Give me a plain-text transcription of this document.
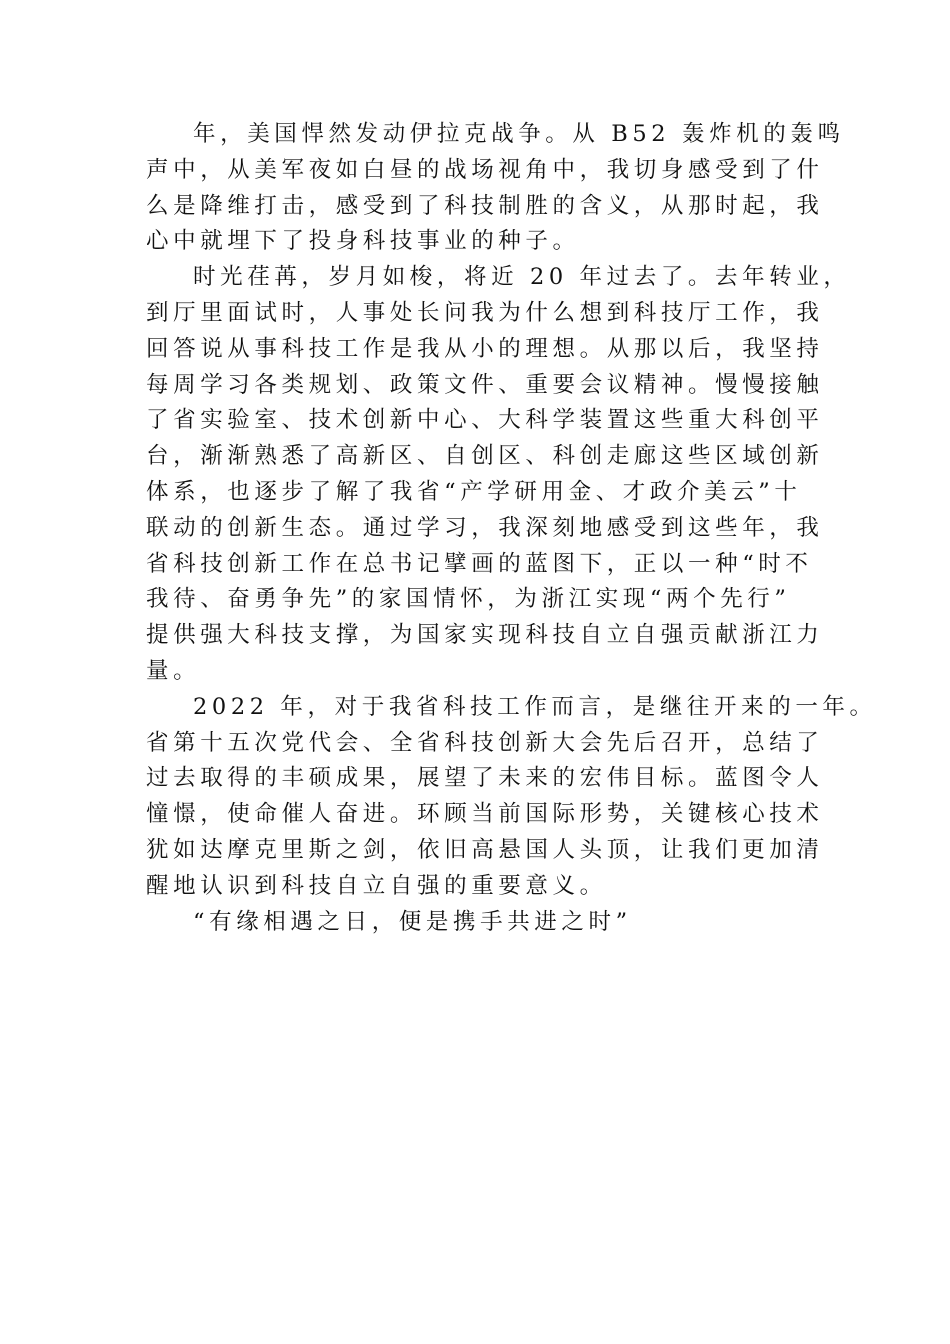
年，美国悍然发动伊拉克战争。从 B52 轰炸机的轰鸣
声中，从美军夜如白昼的战场视角中，我切身感受到了什
么是降维打击，感受到了科技制胜的含义，从那时起，我
心中就埋下了投身科技事业的种子。
时光荏苒，岁月如梭，将近 20 年过去了。去年转业，
到厅里面试时，人事处长问我为什么想到科技厅工作，我
回答说从事科技工作是我从小的理想。从那以后，我坚持
每周学习各类规划、政策文件、重要会议精神。慢慢接触
了省实验室、技术创新中心、大科学装置这些重大科创平
台，渐渐熟悉了高新区、自创区、科创走廊这些区域创新
体系，也逐步了解了我省“产学研用金、才政介美云”十
联动的创新生态。通过学习，我深刻地感受到这些年，我
省科技创新工作在总书记擘画的蓝图下，正以一种“时不
我待、奋勇争先”的家国情怀，为浙江实现“两个先行”
提供强大科技支撑，为国家实现科技自立自强贡献浙江力
量。
2022 年，对于我省科技工作而言，是继往开来的一年。
省第十五次党代会、全省科技创新大会先后召开，总结了
过去取得的丰硕成果，展望了未来的宏伟目标。蓝图令人
憧憬，使命催人奋进。环顾当前国际形势，关键核心技术
犹如达摩克里斯之剑，依旧高悬国人头顶，让我们更加清
醒地认识到科技自立自强的重要意义。
“有缘相遇之日，便是携手共进之时”
